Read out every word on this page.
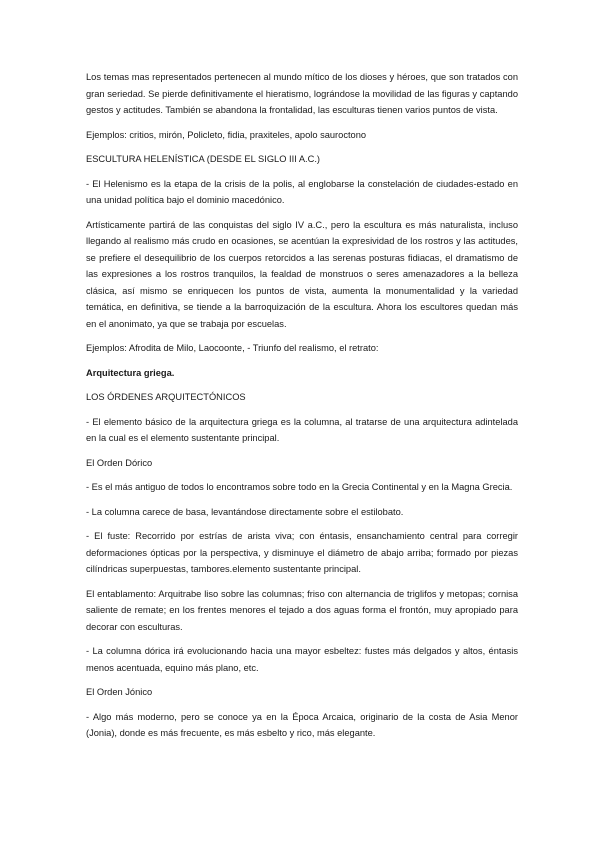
Los temas mas representados pertenecen al mundo mítico de los dioses y héroes, que son tratados con gran seriedad. Se pierde definitivamente el hieratismo, lográndose la movilidad de las figuras y captando gestos y actitudes. También se abandona la frontalidad, las esculturas tienen varios puntos de vista.

Ejemplos: critios, mirón, Policleto, fidia, praxiteles, apolo sauroctono

ESCULTURA HELENÍSTICA (DESDE EL SIGLO III A.C.)

- El Helenismo es la etapa de la crisis de la polis, al englobarse la constelación de ciudades-estado en una unidad política bajo el dominio macedónico.

Artísticamente partirá de las conquistas del siglo IV a.C., pero la escultura es más naturalista, incluso llegando al realismo más crudo en ocasiones, se acentúan la expresividad de los rostros y las actitudes, se prefiere el desequilibrio de los cuerpos retorcidos a las serenas posturas fidiacas, el dramatismo de las expresiones a los rostros tranquilos, la fealdad de monstruos o seres amenazadores a la belleza clásica, así mismo se enriquecen los puntos de vista, aumenta la monumentalidad y la variedad temática, en definitiva, se tiende a la barroquización de la escultura. Ahora los escultores quedan más en el anonimato, ya que se trabaja por escuelas.

Ejemplos: Afrodita de Milo, Laocoonte, - Triunfo del realismo, el retrato:

Arquitectura griega.

LOS ÓRDENES ARQUITECTÓNICOS

- El elemento básico de la arquitectura griega es la columna, al tratarse de una arquitectura adintelada en la cual es el elemento sustentante principal.

El Orden Dórico

- Es el más antiguo de todos lo encontramos sobre todo en la Grecia Continental y en la Magna Grecia.

- La columna carece de basa, levantándose directamente sobre el estilobato.

- El fuste: Recorrido por estrías de arista viva; con éntasis, ensanchamiento central para corregir deformaciones ópticas por la perspectiva, y disminuye el diámetro de abajo arriba; formado por piezas cilíndricas superpuestas, tambores.elemento sustentante principal.

El entablamento: Arquitrabe liso sobre las columnas; friso con alternancia de triglifos y metopas; cornisa saliente de remate; en los frentes menores el tejado a dos aguas forma el frontón, muy apropiado para decorar con esculturas.

- La columna dórica irá evolucionando hacia una mayor esbeltez: fustes más delgados y altos, éntasis menos acentuada, equino más plano, etc.

El Orden Jónico

- Algo más moderno, pero se conoce ya en la Época Arcaica, originario de la costa de Asia Menor (Jonia), donde es más frecuente, es más esbelto y rico, más elegante.
